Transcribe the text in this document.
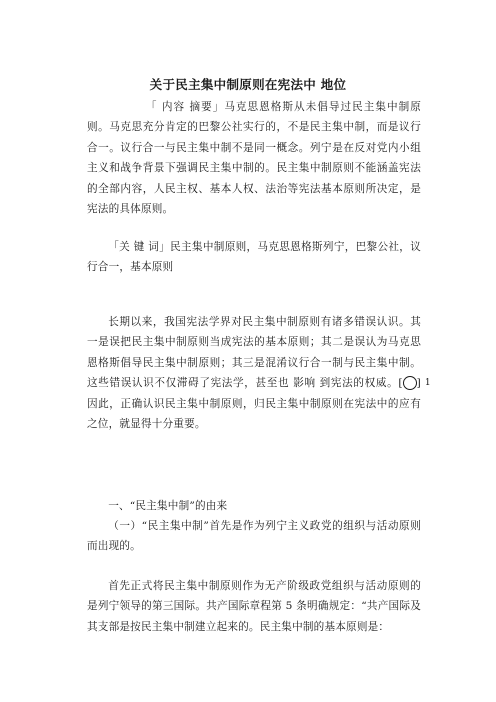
关于民主集中制原则在宪法中 地位
「 内容 摘要」马克思恩格斯从未倡导过民主集中制原则。马克思充分肯定的巴黎公社实行的，不是民主集中制，而是议行合一。议行合一与民主集中制不是同一概念。列宁是在反对党内小组主义和战争背景下强调民主集中制的。民主集中制原则不能涵盖宪法的全部内容，人民主权、基本人权、法治等宪法基本原则所决定，是宪法的具体原则。
「关 键 词」民主集中制原则，马克思恩格斯列宁，巴黎公社，议行合一，基本原则
长期以来，我国宪法学界对民主集中制原则有诸多错误认识。其一是误把民主集中制原则当成宪法的基本原则；其二是误认为马克思恩格斯倡导民主集中制原则；其三是混淆议行合一制与民主集中制。这些错误认识不仅滞碍了宪法学，甚至也 影响 到宪法的权威。[ 1] 因此，正确认识民主集中制原则，归民主集中制原则在宪法中的应有之位，就显得十分重要。
一、“民主集中制”的由来
（一）“民主集中制”首先是作为列宁主义政党的组织与活动原则而出现的。
首先正式将民主集中制原则作为无产阶级政党组织与活动原则的是列宁领导的第三国际。共产国际章程第 5 条明确规定：“共产国际及其支部是按民主集中制建立起来的。民主集中制的基本原则是：
